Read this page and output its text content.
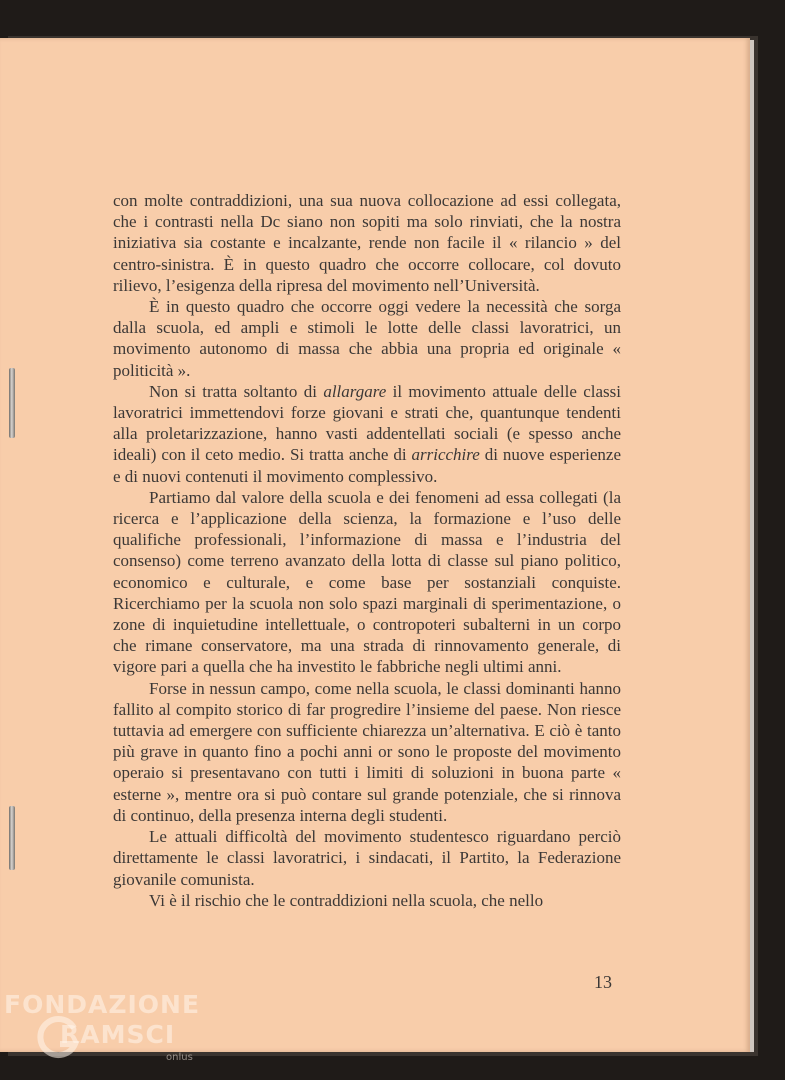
con molte contraddizioni, una sua nuova collocazione ad essi collegata, che i contrasti nella Dc siano non sopiti ma solo rinviati, che la nostra iniziativa sia costante e incalzante, rende non facile il « rilancio » del centro-sinistra. È in questo quadro che occorre collocare, col dovuto rilievo, l’esigenza della ripresa del movimento nell’Università.

È in questo quadro che occorre oggi vedere la necessità che sorga dalla scuola, ed ampli e stimoli le lotte delle classi lavoratrici, un movimento autonomo di massa che abbia una propria ed originale « politicità ».

Non si tratta soltanto di allargare il movimento attuale delle classi lavoratrici immettendovi forze giovani e strati che, quantunque tendenti alla proletarizzazione, hanno vasti addentellati sociali (e spesso anche ideali) con il ceto medio. Si tratta anche di arricchire di nuove esperienze e di nuovi contenuti il movimento complessivo.

Partiamo dal valore della scuola e dei fenomeni ad essa collegati (la ricerca e l’applicazione della scienza, la formazione e l’uso delle qualifiche professionali, l’informazione di massa e l’industria del consenso) come terreno avanzato della lotta di classe sul piano politico, economico e culturale, e come base per sostanziali conquiste. Ricerchiamo per la scuola non solo spazi marginali di sperimentazione, o zone di inquietudine intellettuale, o contropoteri subalterni in un corpo che rimane conservatore, ma una strada di rinnovamento generale, di vigore pari a quella che ha investito le fabbriche negli ultimi anni.

Forse in nessun campo, come nella scuola, le classi dominanti hanno fallito al compito storico di far progredire l’insieme del paese. Non riesce tuttavia ad emergere con sufficiente chiarezza un’alternativa. E ciò è tanto più grave in quanto fino a pochi anni or sono le proposte del movimento operaio si presentavano con tutti i limiti di soluzioni in buona parte « esterne », mentre ora si può contare sul grande potenziale, che si rinnova di continuo, della presenza interna degli studenti.

Le attuali difficoltà del movimento studentesco riguardano perciò direttamente le classi lavoratrici, i sindacati, il Partito, la Federazione giovanile comunista.

Vi è il rischio che le contraddizioni nella scuola, che nello

13
FONDAZIONE
RAMSCI
onlus
